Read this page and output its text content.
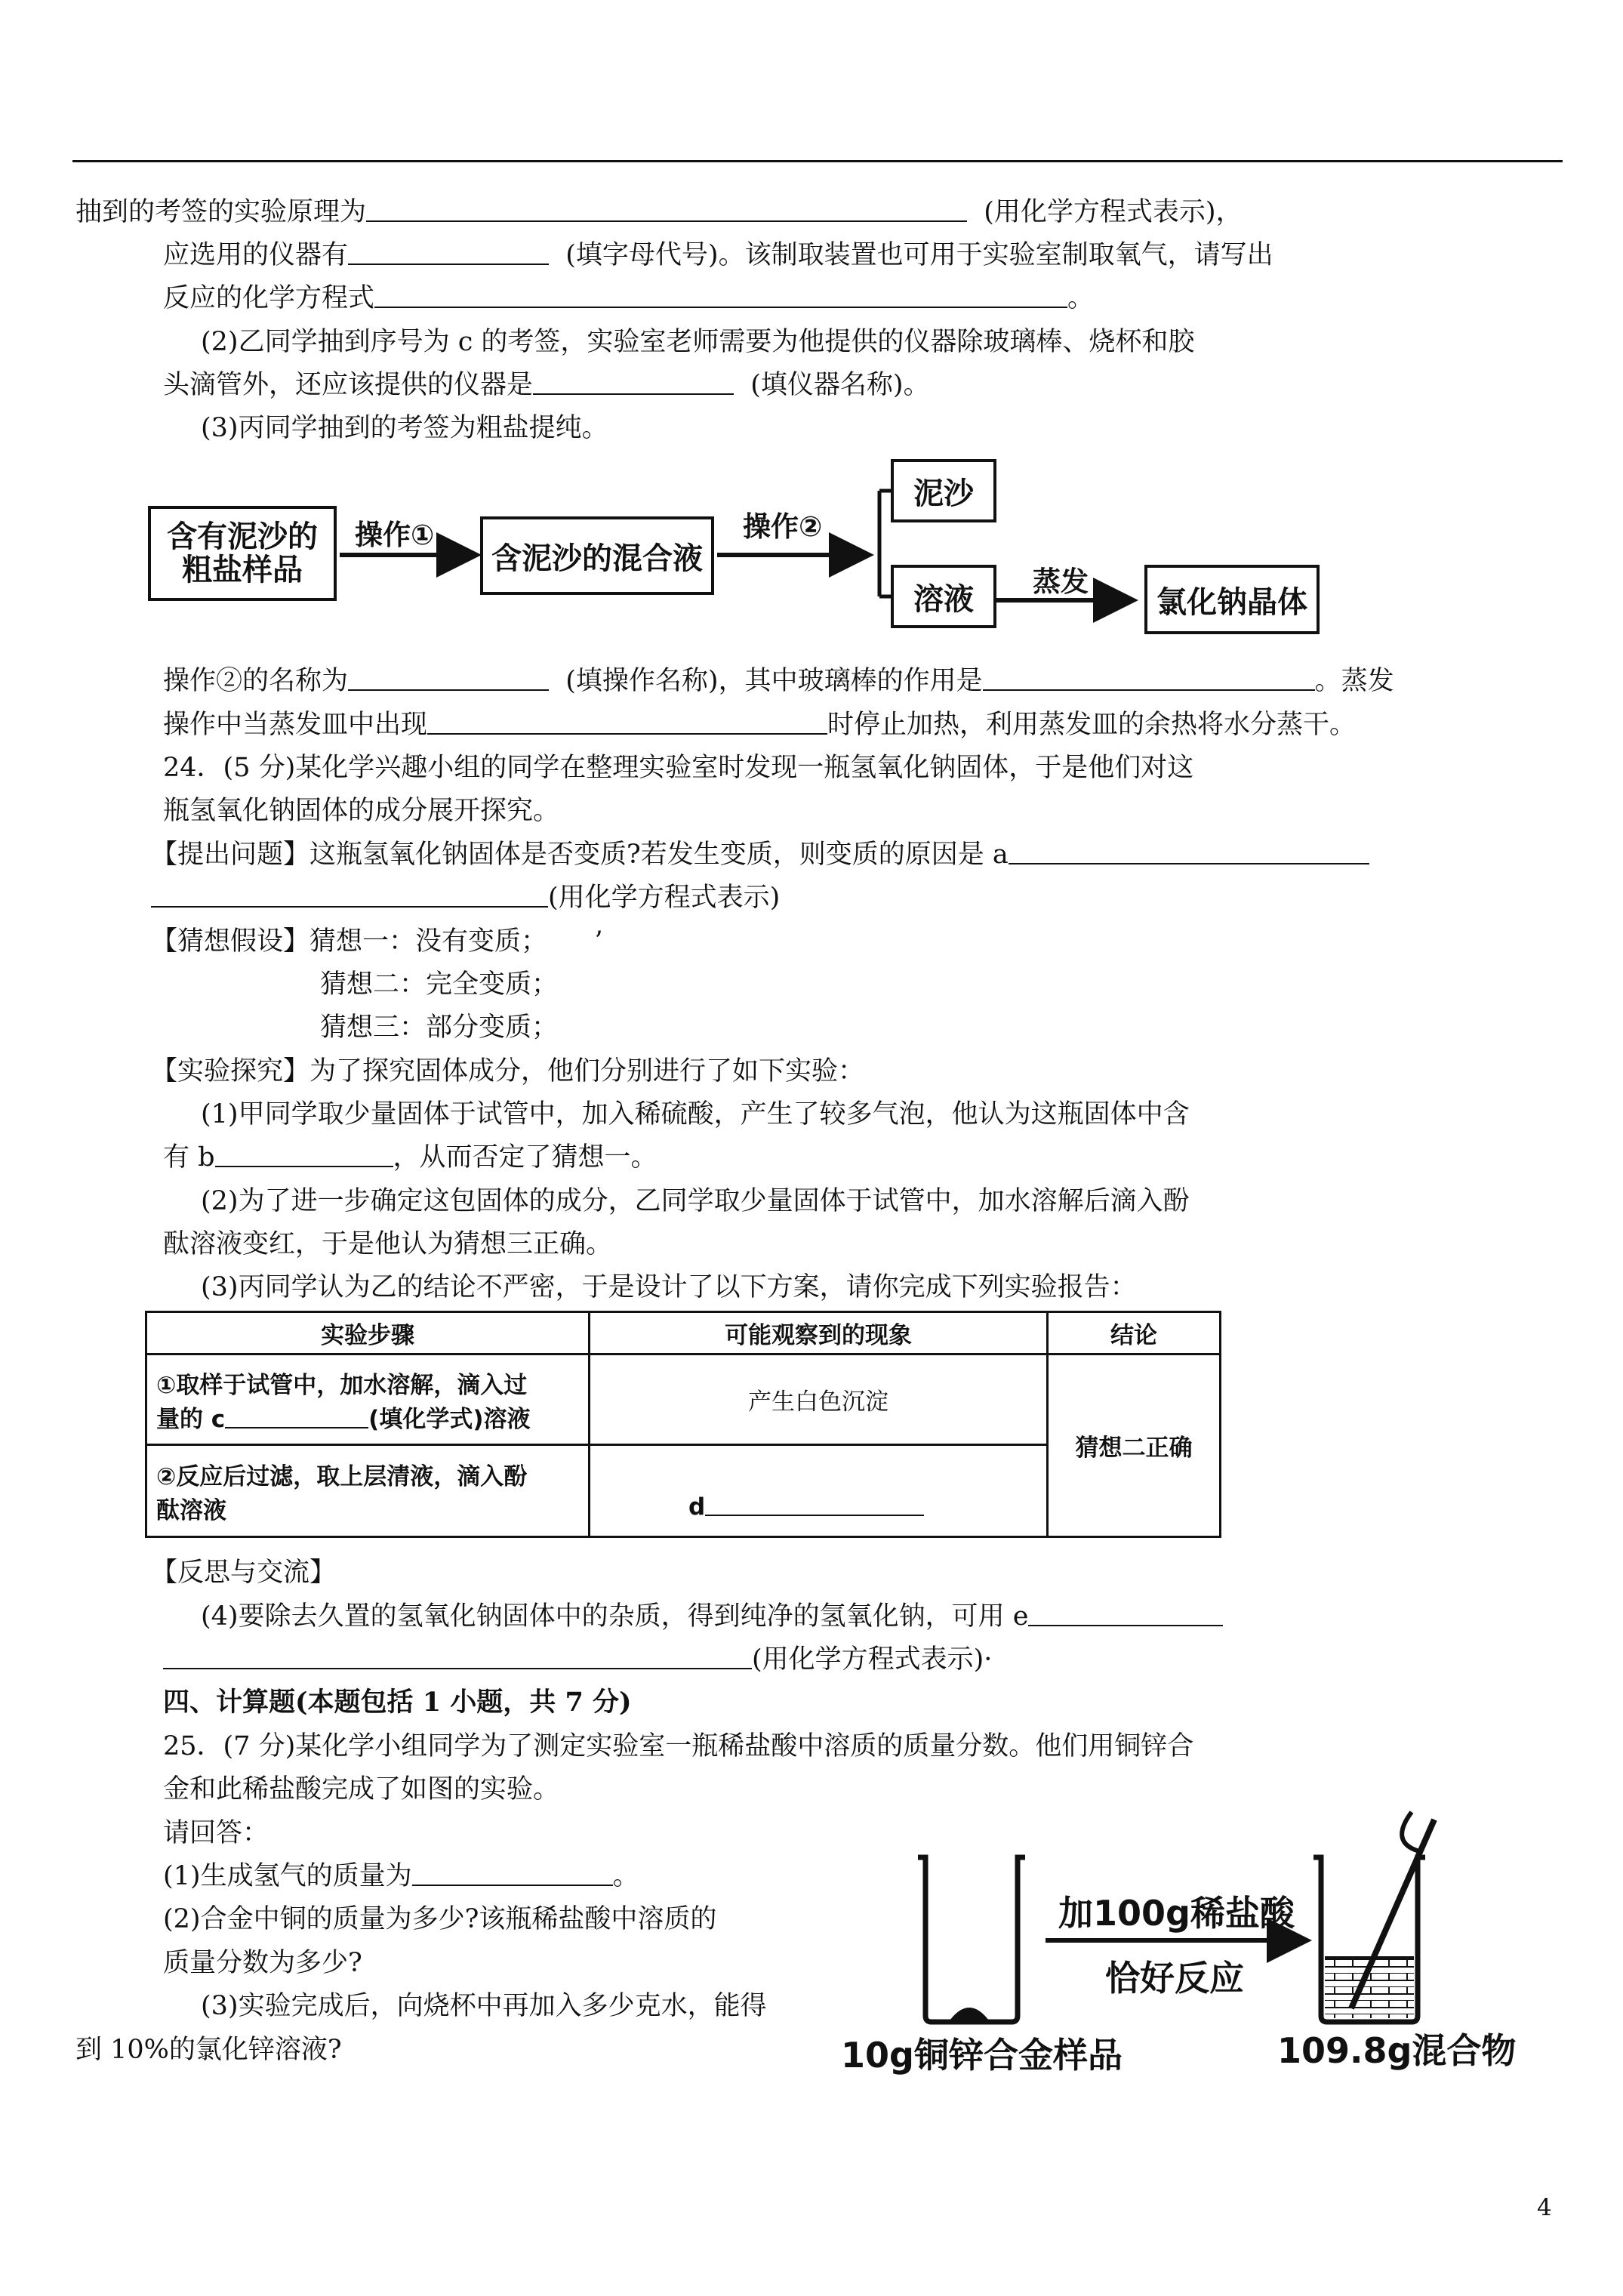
抽到的考签的实验原理为	(用化学方程式表示)，
应选用的仪器有	(填字母代号)。该制取装置也可用于实验室制取氧气，请写出
反应的化学方程式	。
(2)乙同学抽到序号为 c 的考签，实验室老师需要为他提供的仪器除玻璃棒、烧杯和胶
头滴管外，还应该提供的仪器是	(填仪器名称)。
(3)丙同学抽到的考签为粗盐提纯。
含有泥沙的粗盐样品
操作①
含泥沙的混合液
操作②
泥沙
溶液	蒸发
氯化钠晶体
操作②的名称为	(填操作名称)，其中玻璃棒的作用是	。蒸发
操作中当蒸发皿中出现	时停止加热，利用蒸发皿的余热将水分蒸干。
24．(5 分)某化学兴趣小组的同学在整理实验室时发现一瓶氢氧化钠固体，于是他们对这
瓶氢氧化钠固体的成分展开探究。
【提出问题】这瓶氢氧化钠固体是否变质?若发生变质，则变质的原因是 a
(用化学方程式表示)
【猜想假设】猜想一：没有变质； ’
猜想二：完全变质；
猜想三：部分变质；
【实验探究】为了探究固体成分，他们分别进行了如下实验：
(1)甲同学取少量固体于试管中，加入稀硫酸，产生了较多气泡，他认为这瓶固体中含
有 b	，从而否定了猜想一。
(2)为了进一步确定这包固体的成分，乙同学取少量固体于试管中，加水溶解后滴入酚
酞溶液变红，于是他认为猜想三正确。
(3)丙同学认为乙的结论不严密，于是设计了以下方案，请你完成下列实验报告：
实验步骤	可能观察到的现象	结论

①取样于试管中，加水溶解，滴入过
量的 c (填化学式)溶液	产生白色沉淀	猜想二正确

②反应后过滤，取上层清液，滴入酚
酞溶液	d	
【反思与交流】
(4)要除去久置的氢氧化钠固体中的杂质，得到纯净的氢氧化钠，可用 e
(用化学方程式表示)·
四、计算题(本题包括 1 小题，共 7 分)
25．(7 分)某化学小组同学为了测定实验室一瓶稀盐酸中溶质的质量分数。他们用铜锌合
金和此稀盐酸完成了如图的实验。
请回答：
(1)生成氢气的质量为	。
(2)合金中铜的质量为多少?该瓶稀盐酸中溶质的
质量分数为多少?
(3)实验完成后，向烧杯中再加入多少克水，能得
到 10%的氯化锌溶液?
加100g稀盐酸
恰好反应
10g铜锌合金样品	109.8g混合物
4
